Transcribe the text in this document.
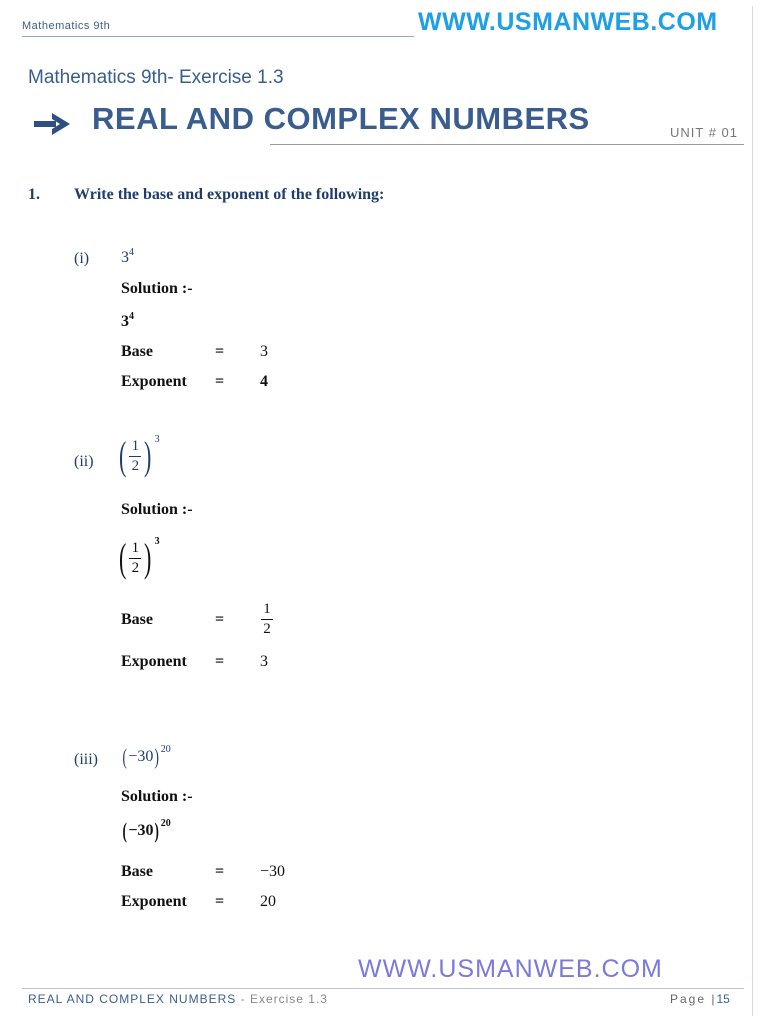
Mathematics 9th	WWW.USMANWEB.COM
Mathematics 9th- Exercise 1.3
REAL AND COMPLEX NUMBERS	UNIT # 01
1. Write the base and exponent of the following:
(i) $3^4$
Solution :-
$3^4$
Base	= 3
Exponent = 4
(ii) ( $\frac{1}{2}$ ) 3
Solution :-
( $\frac{1}{2}$ ) 3
Base	= $\frac{1}{2}$
Exponent = 3
(iii) ( −30 ) 20
Solution :-
( −30 ) 20
Base	= −30
Exponent = 20
WWW.USMANWEB.COM
REAL AND COMPLEX NUMBERS - Exercise 1.3	Page |15
